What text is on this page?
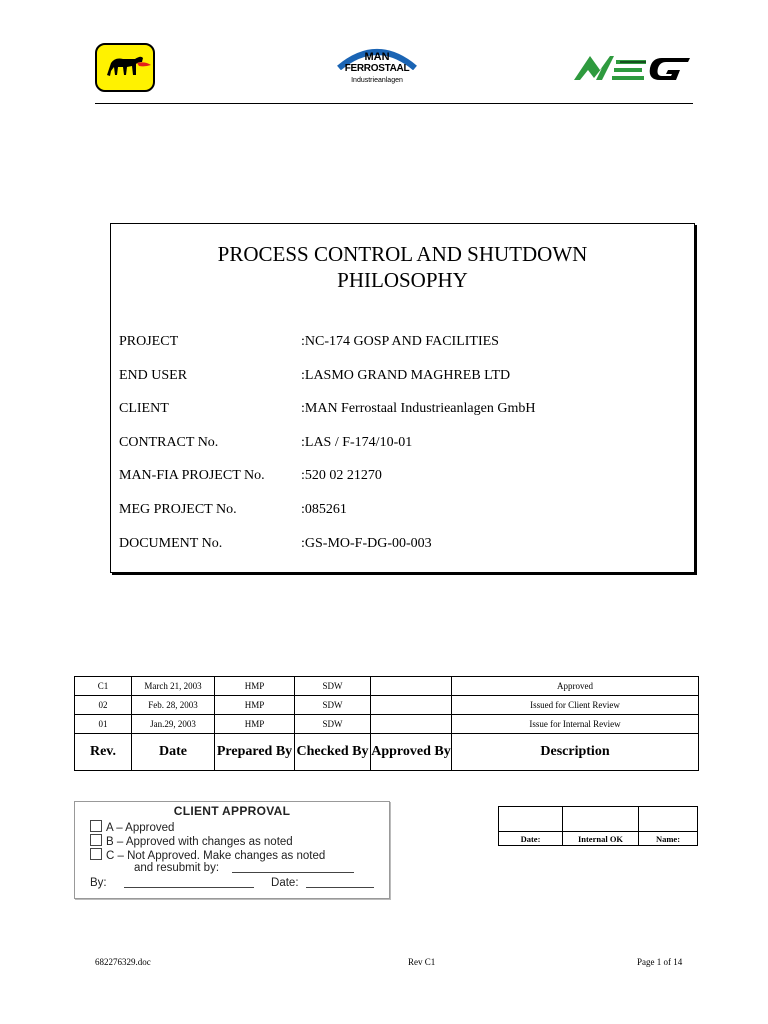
MAN
FERROSTAAL
Industrieanlagen
PROCESS CONTROL AND SHUTDOWN
PHILOSOPHY
PROJECT	:NC-174 GOSP AND FACILITIES
END USER	:LASMO GRAND MAGHREB LTD
CLIENT	:MAN Ferrostaal Industrieanlagen GmbH
CONTRACT No.	:LAS / F-174/10-01
MAN-FIA PROJECT No.	:520 02 21270
MEG PROJECT No.	:085261
DOCUMENT No.	:GS-MO-F-DG-00-003
C1	March 21, 2003	HMP	SDW		Approved
02	Feb. 28, 2003	HMP	SDW		Issued for Client Review
01	Jan.29, 2003	HMP	SDW		Issue for Internal Review
Rev.	Date	Prepared By	Checked By	Approved By	Description
CLIENT APPROVAL
A – Approved
B – Approved with changes as noted
C – Not Approved. Make changes as noted
and resubmit by:
By:	Date:

Date:	Internal OK	Name:
682276329.doc	Rev C1	Page 1 of 14
